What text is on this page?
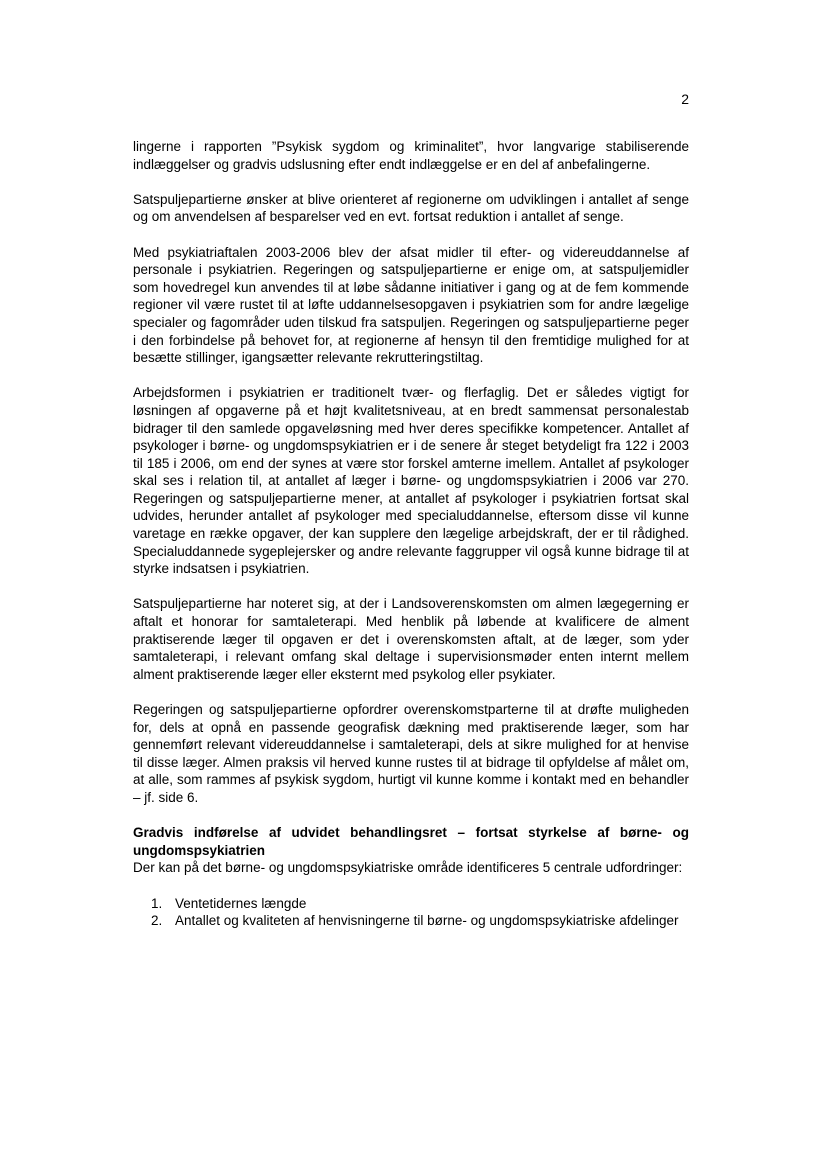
2

lingerne i rapporten ”Psykisk sygdom og kriminalitet”, hvor langvarige stabiliserende indlæggelser og gradvis udslusning efter endt indlæggelse er en del af anbefalingerne.

Satspuljepartierne ønsker at blive orienteret af regionerne om udviklingen i antallet af senge og om anvendelsen af besparelser ved en evt. fortsat reduktion i antallet af senge.

Med psykiatriaftalen 2003-2006 blev der afsat midler til efter- og videreuddannelse af personale i psykiatrien. Regeringen og satspuljepartierne er enige om, at satspuljemidler som hovedregel kun anvendes til at løbe sådanne initiativer i gang og at de fem kommende regioner vil være rustet til at løfte uddannelsesopgaven i psykiatrien som for andre lægelige specialer og fagområder uden tilskud fra satspuljen. Regeringen og satspuljepartierne peger i den forbindelse på behovet for, at regionerne af hensyn til den fremtidige mulighed for at besætte stillinger, igangsætter relevante rekrutteringstiltag.

Arbejdsformen i psykiatrien er traditionelt tvær- og flerfaglig. Det er således vigtigt for løsningen af opgaverne på et højt kvalitetsniveau, at en bredt sammensat personalestab bidrager til den samlede opgaveløsning med hver deres specifikke kompetencer. Antallet af psykologer i børne- og ungdomspsykiatrien er i de senere år steget betydeligt fra 122 i 2003 til 185 i 2006, om end der synes at være stor forskel amterne imellem. Antallet af psykologer skal ses i relation til, at antallet af læger i børne- og ungdomspsykiatrien i 2006 var 270. Regeringen og satspuljepartierne mener, at antallet af psykologer i psykiatrien fortsat skal udvides, herunder antallet af psykologer med specialuddannelse, eftersom disse vil kunne varetage en række opgaver, der kan supplere den lægelige arbejdskraft, der er til rådighed. Specialuddannede sygeplejersker og andre relevante faggrupper vil også kunne bidrage til at styrke indsatsen i psykiatrien.

Satspuljepartierne har noteret sig, at der i Landsoverenskomsten om almen lægegerning er aftalt et honorar for samtaleterapi. Med henblik på løbende at kvalificere de alment praktiserende læger til opgaven er det i overenskomsten aftalt, at de læger, som yder samtaleterapi, i relevant omfang skal deltage i supervisionsmøder enten internt mellem alment praktiserende læger eller eksternt med psykolog eller psykiater.

Regeringen og satspuljepartierne opfordrer overenskomstparterne til at drøfte muligheden for, dels at opnå en passende geografisk dækning med praktiserende læger, som har gennemført relevant videreuddannelse i samtaleterapi, dels at sikre mulighed for at henvise til disse læger. Almen praksis vil herved kunne rustes til at bidrage til opfyldelse af målet om, at alle, som rammes af psykisk sygdom, hurtigt vil kunne komme i kontakt med en behandler – jf. side 6.

Gradvis indførelse af udvidet behandlingsret – fortsat styrkelse af børne- og ungdomspsykiatrien

Der kan på det børne- og ungdomspsykiatriske område identificeres 5 centrale udfordringer:

1. Ventetidernes længde
2. Antallet og kvaliteten af henvisningerne til børne- og ungdomspsykiatriske afdelinger
